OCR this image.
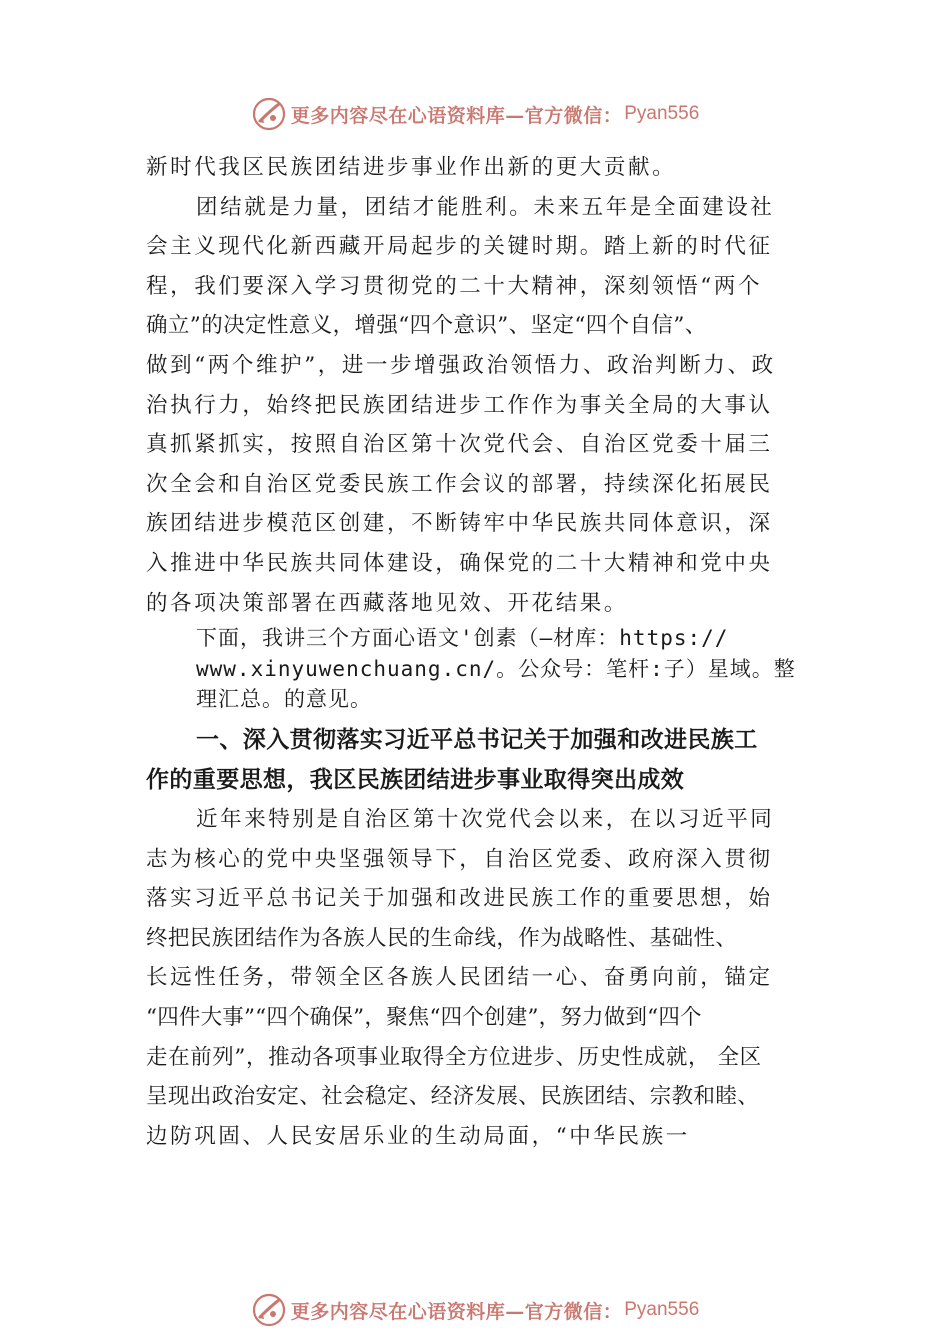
更多内容尽在心语资料库—官方微信： Pyan556
新时代我区民族团结进步事业作出新的更大贡献。
团结就是力量，团结才能胜利。未来五年是全面建设社
会主义现代化新西藏开局起步的关键时期。踏上新的时代征
程，我们要深入学习贯彻党的二十大精神，深刻领悟“两个
确立”的决定性意义，增强“四个意识”、坚定“四个自信”、
做到“两个维护”，进一步增强政治领悟力、政治判断力、政
治执行力，始终把民族团结进步工作作为事关全局的大事认
真抓紧抓实，按照自治区第十次党代会、自治区党委十届三
次全会和自治区党委民族工作会议的部署，持续深化拓展民
族团结进步模范区创建，不断铸牢中华民族共同体意识，深
入推进中华民族共同体建设，确保党的二十大精神和党中央
的各项决策部署在西藏落地见效、开花结果。
下面，我讲三个方面心语文'创素（—材库：https://
www.xinyuwenchuang.cn/。公众号：笔杆:子）星域。整
理汇总。的意见。
一、深入贯彻落实习近平总书记关于加强和改进民族工
作的重要思想，我区民族团结进步事业取得突出成效
近年来特别是自治区第十次党代会以来，在以习近平同
志为核心的党中央坚强领导下，自治区党委、政府深入贯彻
落实习近平总书记关于加强和改进民族工作的重要思想，始
终把民族团结作为各族人民的生命线，作为战略性、基础性、
长远性任务，带领全区各族人民团结一心、奋勇向前，锚定
“四件大事”“四个确保”，聚焦“四个创建”，努力做到“四个
走在前列”，推动各项事业取得全方位进步、历史性成就， 全区
呈现出政治安定、社会稳定、经济发展、民族团结、宗教和睦、
边防巩固、人民安居乐业的生动局面，“中华民族一
更多内容尽在心语资料库—官方微信： Pyan556
